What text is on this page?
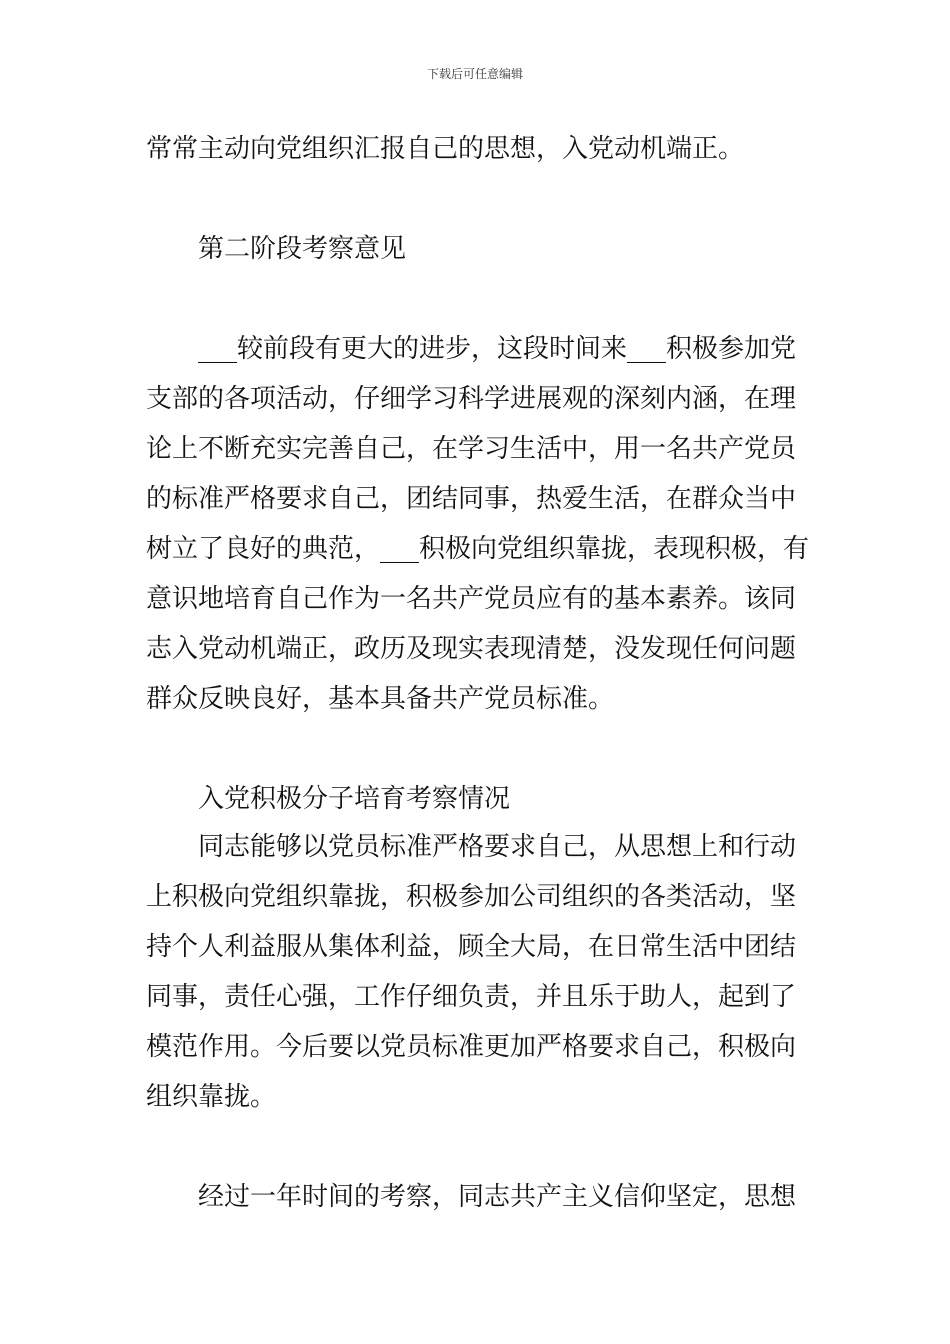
下载后可任意编辑
常常主动向党组织汇报自己的思想，入党动机端正。
第二阶段考察意见
___较前段有更大的进步，这段时间来___积极参加党
支部的各项活动，仔细学习科学进展观的深刻内涵，在理
论上不断充实完善自己，在学习生活中，用一名共产党员
的标准严格要求自己，团结同事，热爱生活，在群众当中
树立了良好的典范，___积极向党组织靠拢，表现积极，有
意识地培育自己作为一名共产党员应有的基本素养。该同
志入党动机端正，政历及现实表现清楚，没发现任何问题
群众反映良好，基本具备共产党员标准。
入党积极分子培育考察情况
同志能够以党员标准严格要求自己，从思想上和行动
上积极向党组织靠拢，积极参加公司组织的各类活动，坚
持个人利益服从集体利益，顾全大局，在日常生活中团结
同事，责任心强，工作仔细负责，并且乐于助人，起到了
模范作用。今后要以党员标准更加严格要求自己，积极向
组织靠拢。
经过一年时间的考察，同志共产主义信仰坚定，思想
